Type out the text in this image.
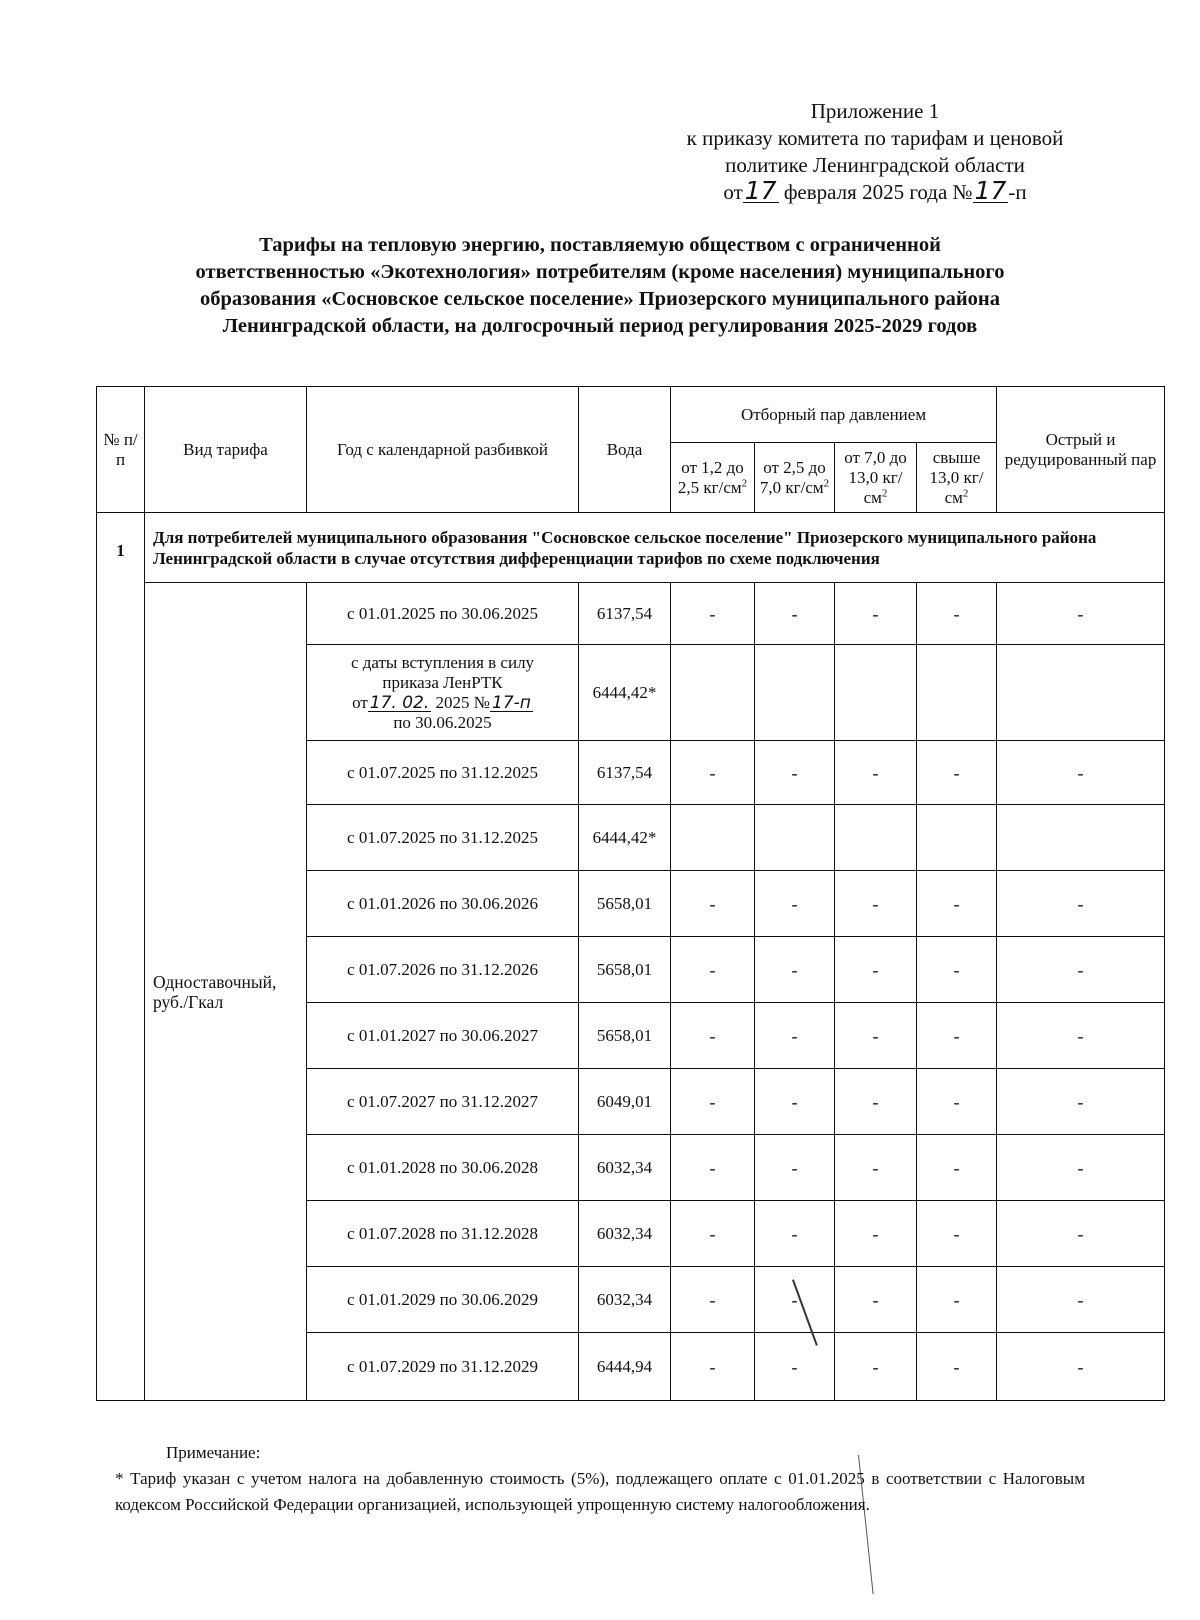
Приложение 1
к приказу комитета по тарифам и ценовой
политике Ленинградской области
от17 февраля 2025 года №17-п
Тарифы на тепловую энергию, поставляемую обществом с ограниченной
ответственностью «Экотехнология» потребителям (кроме населения) муниципального
образования «Сосновское сельское поселение» Приозерского муниципального района
Ленинградской области, на долгосрочный период регулирования 2025-2029 годов
№ п/п	Вид тарифа	Год с календарной разбивкой	Вода	Отборный пар давлением				Острый и редуцированный пар
				от 1,2 до 2,5 $кг/см^2$	от 2,5 до 7,0 $кг/см^2$	от 7,0 до 13,0 $кг/см^2$	свыше 13,0 $кг/см^2$
1	Для потребителей муниципального образования "Сосновское сельское поселение" Приозерского муниципального района Ленинградской области в случае отсутствия дифференциации тарифов по схеме подключения							
	Одноставочный, руб./Гкал	с 01.01.2025 по 30.06.2025	6137,54	-	-	-	-	-

		с даты вступления в силу
приказа ЛенРТК
от 17. 02. 2025 № 17-п
по 30.06.2025	6444,42*					
		с 01.07.2025 по 31.12.2025	6137,54	-	-	-	-	-
		с 01.07.2025 по 31.12.2025	6444,42*					
		с 01.01.2026 по 30.06.2026	5658,01	-	-	-	-	-
		с 01.07.2026 по 31.12.2026	5658,01	-	-	-	-	-
		с 01.01.2027 по 30.06.2027	5658,01	-	-	-	-	-
		с 01.07.2027 по 31.12.2027	6049,01	-	-	-	-	-
		с 01.01.2028 по 30.06.2028	6032,34	-	-	-	-	-
		с 01.07.2028 по 31.12.2028	6032,34	-	-	-	-	-
		с 01.01.2029 по 30.06.2029	6032,34	-	-	-	-	-
		с 01.07.2029 по 31.12.2029	6444,94	-	-	-	-	-
Примечание:
* Тариф указан с учетом налога на добавленную стоимость (5%), подлежащего оплате с 01.01.2025 в соответствии с Налоговым кодексом Российской Федерации организацией, использующей упрощенную систему налогообложения.
